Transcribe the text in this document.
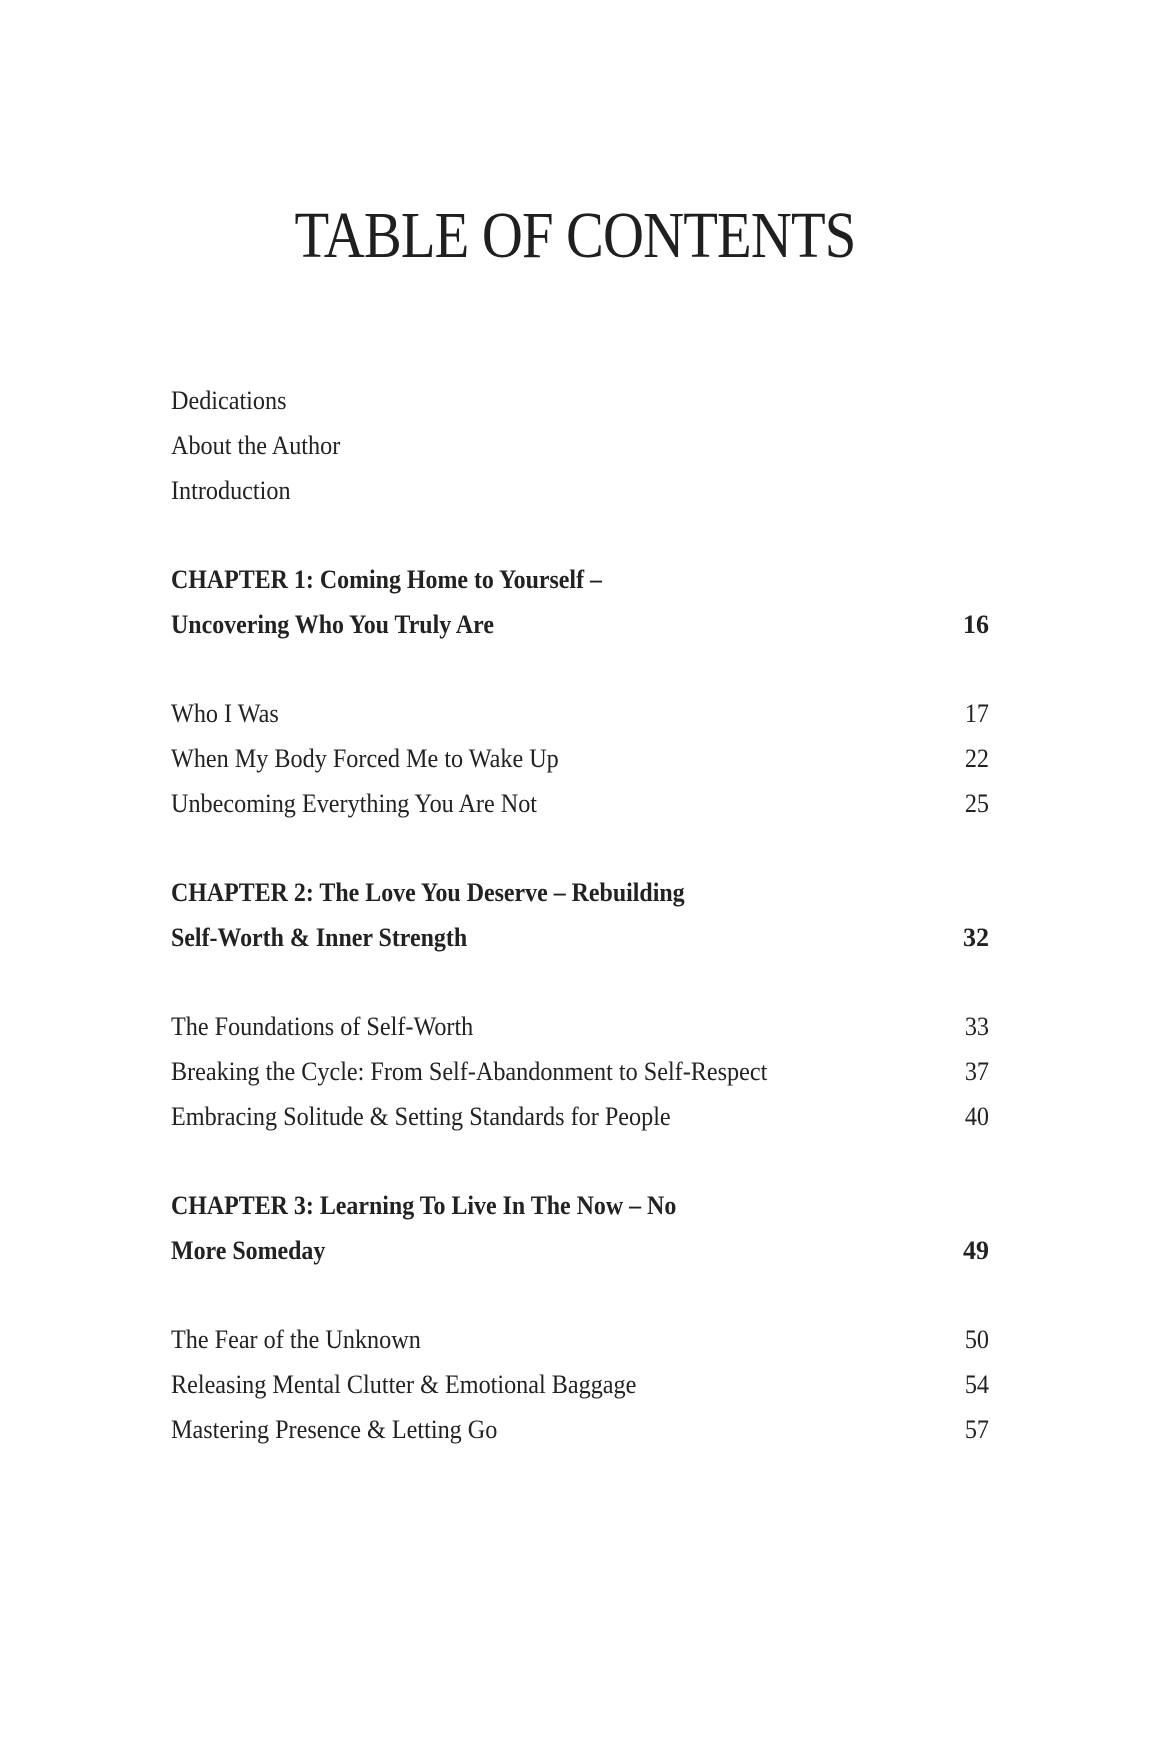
TABLE OF CONTENTS
Dedications
About the Author
Introduction
CHAPTER 1: Coming Home to Yourself –
Uncovering Who You Truly Are	16
Who I Was	17
When My Body Forced Me to Wake Up	22
Unbecoming Everything You Are Not	25
CHAPTER 2: The Love You Deserve – Rebuilding
Self-Worth & Inner Strength	32
The Foundations of Self-Worth	33
Breaking the Cycle: From Self-Abandonment to Self-Respect	37
Embracing Solitude & Setting Standards for People	40
CHAPTER 3: Learning To Live In The Now – No
More Someday	49
The Fear of the Unknown	50
Releasing Mental Clutter & Emotional Baggage	54
Mastering Presence & Letting Go	57
